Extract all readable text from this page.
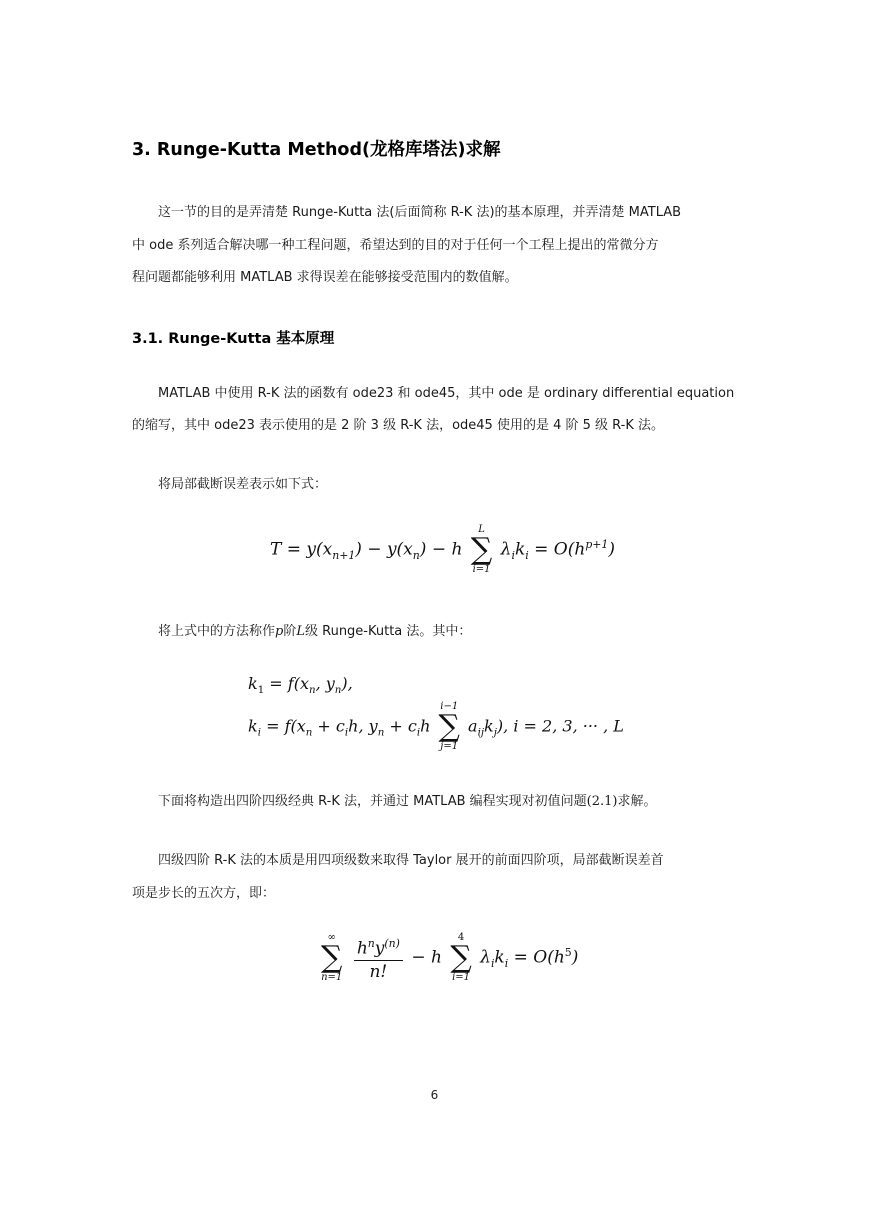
3. Runge-Kutta Method(龙格库塔法)求解
这一节的目的是弄清楚 Runge-Kutta 法(后面简称 R-K 法)的基本原理，并弄清楚 MATLAB
中 ode 系列适合解决哪一种工程问题，希望达到的目的对于任何一个工程上提出的常微分方
程问题都能够利用 MATLAB 求得误差在能够接受范围内的数值解。
3.1. Runge-Kutta 基本原理
MATLAB 中使用 R-K 法的函数有 ode23 和 ode45，其中 ode 是 ordinary differential equation
的缩写，其中 ode23 表示使用的是 2 阶 3 级 R-K 法，ode45 使用的是 4 阶 5 级 R-K 法。
将局部截断误差表示如下式：
$T = y(x_{n+1}) - y(x_n) - h$
L
∑
i=1
$\lambda_ik_i = O(h^{p+1})$
将上式中的方法称作p阶L级 Runge-Kutta 法。其中：
$k_1 = f(x_n$, $y_n$),
$k_i = f(x_n + c_ih$, $y_n + c_ih$
i−1
∑
j=1
$a_{ij}k_j$), i = 2, 3, ··· , L
下面将构造出四阶四级经典 R-K 法，并通过 MATLAB 编程实现对初值问题(2.1)求解。
四级四阶 R-K 法的本质是用四项级数来取得 Taylor 展开的前面四阶项，局部截断误差首
项是步长的五次方，即：
∞
∑
n=1
$\frac{h^ny^{(n)}}{n!} - h$
4
∑
i=1
$\lambda_ik_i = O(h^5)$
6
